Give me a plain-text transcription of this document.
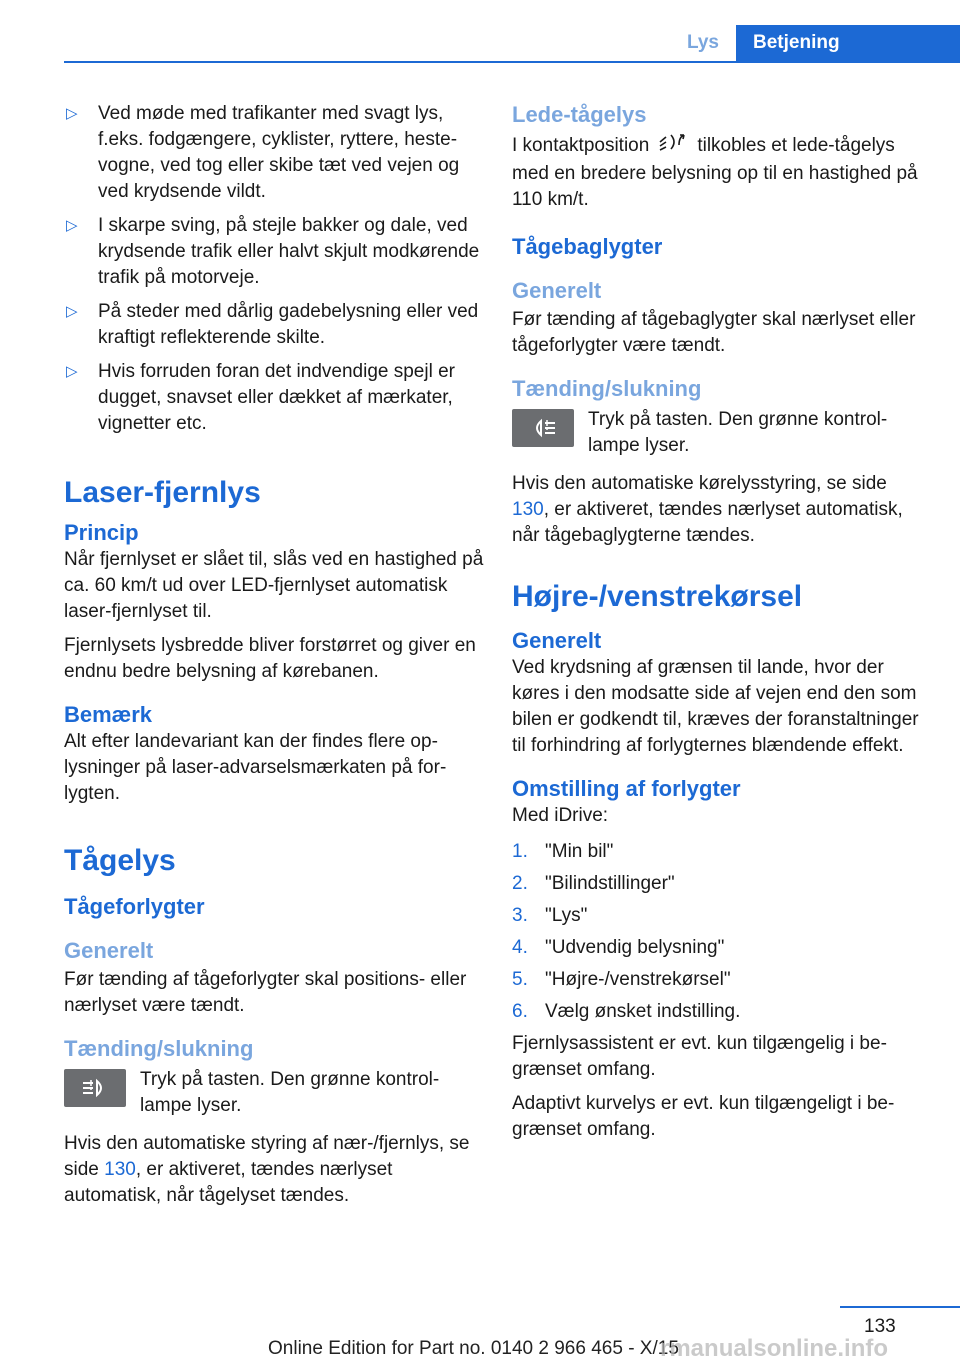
Lys	Betjening
▷ Ved møde med trafikanter med svagt lys, f.eks. fodgængere, cyklister, ryttere, hestevogne, ved tog eller skibe tæt ved vejen og ved krydsende vildt.
▷ I skarpe sving, på stejle bakker og dale, ved krydsende trafik eller halvt skjult modkørende trafik på motorveje.
▷ På steder med dårlig gadebelysning eller ved kraftigt reflekterende skilte.
▷ Hvis forruden foran det indvendige spejl er dugget, snavset eller dækket af mærkater, vignetter etc.
Laser-fjernlys
Princip

Når fjernlyset er slået til, slås ved en hastighed på ca. 60 km/t ud over LED-fjernlyset automatisk laser-fjernlyset til.

Fjernlysets lysbredde bliver forstørret og giver en endnu bedre belysning af kørebanen.

Bemærk

Alt efter landevariant kan der findes flere oplysninger på laser-advarselsmærkaten på forlygten.

Tågelys
Tågeforlygter
Generelt

Før tænding af tågeforlygter skal positions- eller nærlyset være tændt.

Tænding/slukning

Tryk på tasten. Den grønne kontrollampe lyser.

Hvis den automatiske styring af nær-/fjernlys, se side 130, er aktiveret, tændes nærlyset automatisk, når tågelyset tændes.

Lede-tågelys

I kontaktposition	tilkobles et lede-tågelys med en bredere belysning op til en hastighed på 110 km/t.

Tågebaglygter
Generelt

Før tænding af tågebaglygter skal nærlyset eller tågeforlygter være tændt.

Tænding/slukning

Tryk på tasten. Den grønne kontrollampe lyser.

Hvis den automatiske kørelysstyring, se side 130, er aktiveret, tændes nærlyset automatisk, når tågebaglygterne tændes.

Højre-/venstrekørsel
Generelt

Ved krydsning af grænsen til lande, hvor der køres i den modsatte side af vejen end den som bilen er godkendt til, kræves der foranstaltninger til forhindring af forlygternes blændende effekt.

Omstilling af forlygter

Med iDrive:

1. "Min bil"
2. "Bilindstillinger"
3. "Lys"
4. "Udvendig belysning"
5. "Højre-/venstrekørsel"
6. Vælg ønsket indstilling.

Fjernlysassistent er evt. kun tilgængelig i begrænset omfang.

Adaptivt kurvelys er evt. kun tilgængeligt i begrænset omfang.

133
Online Edition for Part no. 0140 2 966 465 - X/15
rmanualsonline.info
